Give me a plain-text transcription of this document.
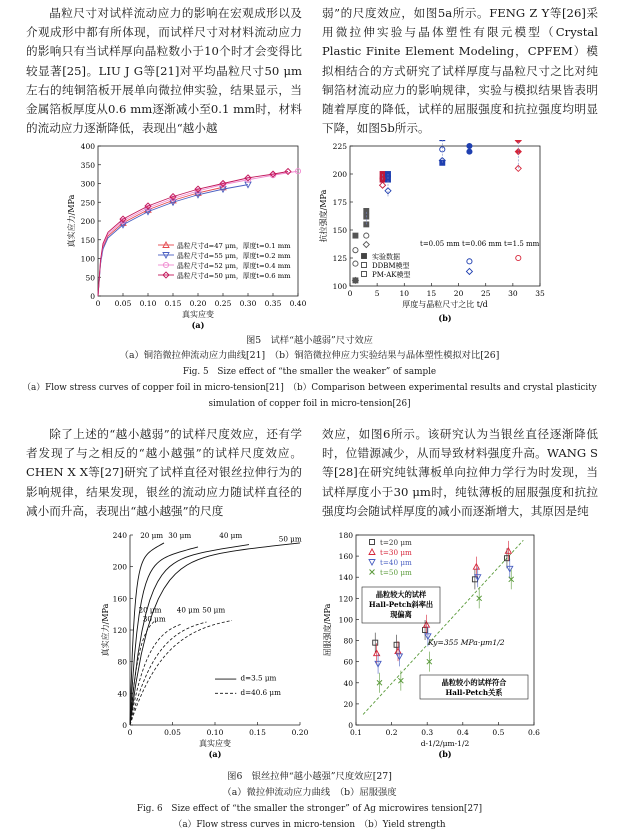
晶粒尺寸对试样流动应力的影响在宏观成形以及介观成形中都有所体现，而试样尺寸对材料流动应力的影响只有当试样厚向晶粒数小于10个时才会变得比较显著[25]。LIU J G等[21]对平均晶粒尺寸50 μm左右的纯铜箔板开展单向微拉伸实验，结果显示，当金属箔板厚度从0.6 mm逐渐减小至0.1 mm时，材料的流动应力逐渐降低，表现出“越小越

弱”的尺度效应，如图5a所示。FENG Z Y等[26]采用微拉伸实验与晶体塑性有限元模型（Crystal Plastic Finite Element Modeling，CPFEM）模拟相结合的方式研究了试样厚度与晶粒尺寸之比对纯铜箔材流动应力的影响规律，实验与模拟结果皆表明随着厚度的降低，试样的屈服强度和抗拉强度均明显下降，如图5b所示。

0
50
100
150
200
250
300
350
400
0 0.05 0.10 0.15 0.20 0.25 0.30 0.35 0.40
真实应力/MPa
真实应变
(a)
晶粒尺寸d=47 μm，厚度t=0.1 mm
晶粒尺寸d=55 μm，厚度t=0.2 mm
晶粒尺寸d=52 μm，厚度t=0.4 mm
晶粒尺寸d=50 μm，厚度t=0.6 mm
100
125
150
175
200
225
0	5	10 15 20 25 30 35
抗拉强度/MPa
厚度与晶粒尺寸之比 t/d
(b)
t=0.05 mm t=0.06 mm t=1.5 mm
实验数据
DDBM模型
PM-AK模型
图5　试样“越小越弱”尺寸效应
（a）铜箔微拉伸流动应力曲线[21]　（b）铜箔微拉伸应力实验结果与晶体塑性模拟对比[26]
Fig. 5　Size effect of “the smaller the weaker” of sample
（a）Flow stress curves of copper foil in micro-tension[21]　（b）Comparison between experimental results and crystal plasticity
simulation of copper foil in micro-tension[26]

除了上述的“越小越弱”的试样尺度效应，还有学者发现了与之相反的“越小越强”的试样尺度效应。CHEN X X等[27]研究了试样直径对银丝拉伸行为的影响规律，结果发现，银丝的流动应力随试样直径的减小而升高，表现出“越小越强”的尺度

效应，如图6所示。该研究认为当银丝直径逐渐降低时，位错源减少，从而导致材料强度升高。WANG S等[28]在研究纯钛薄板单向拉伸力学行为时发现，当试样厚度小于30 μm时，纯钛薄板的屈服强度和抗拉强度均会随试样厚度的减小而逐渐增大，其原因是纯

0
40
80
120
160
200
240
0	0.05	0.10	0.15	0.20
真实应力/MPa
真实应变
(a)
20 μm 30 μm	40 μm	50 μm
20 μm 40 μm 50 μm
30 μm
d=3.5 μm
d=40.6 μm
0
20
40
60
80
100
120
140
160
180
0.1	0.2	0.3	0.4	0.5	0.6
屈服强度/MPa
d-1/2/μm-1/2
(b)
t=20 μm
t=30 μm
t=40 μm
t=50 μm
晶粒较大的试样
Hall-Petch斜率出
现偏离
Ky=355 MPa·μm1/2
晶粒较小的试样符合
Hall-Petch关系
图6　银丝拉伸“越小越强”尺度效应[27]
（a）微拉伸流动应力曲线　（b）屈服强度
Fig. 6　Size effect of “the smaller the stronger” of Ag microwires tension[27]
（a）Flow stress curves in micro-tension　（b）Yield strength
